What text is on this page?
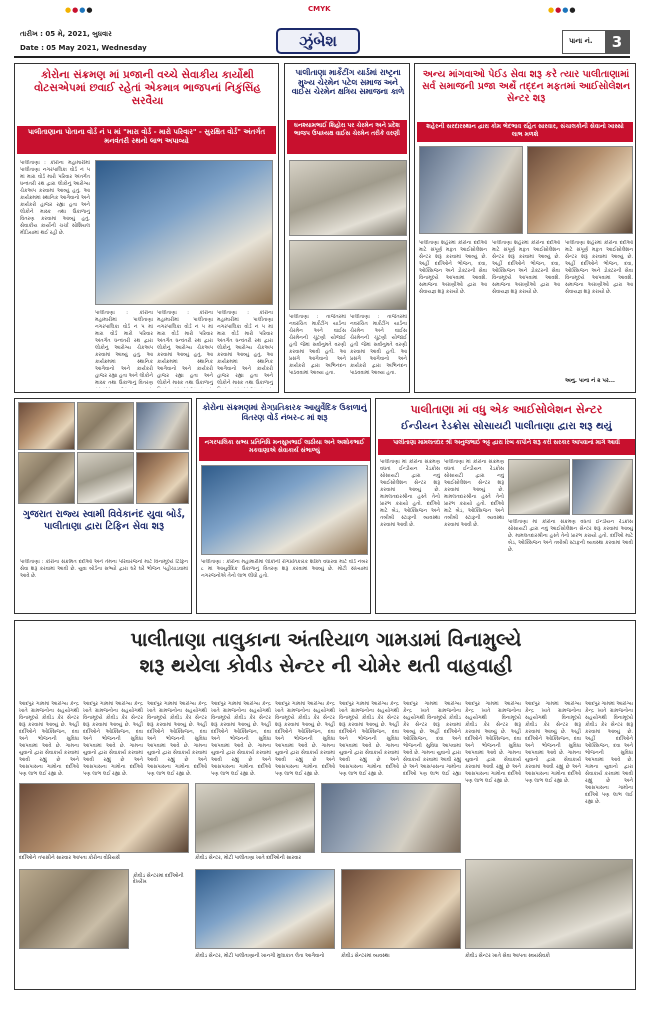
●●●●	CMYK	●●●●
તારીખ : 05 મે, 2021, બુધવાર
Date : 05 May 2021, Wednesday	ઝુંબેશ	પાના નં.	3
કોરોના સંક્રમણ માં પ્રજાની વચ્ચે સેવાકીય કાર્યોથી વોટસએપમાં છવાઈ રહેતાં એકમાત્ર ભાજપનાં નિકુંસિંહ સરવૈયા
પાલીતાણાના પોતાના વોર્ડ નં ૫ માં "મારા વોર્ડ - મારો પરિવાર" - સુરક્ષિત વોર્ડ" અંતર્ગત મનવંતરી રથનો લાભ અપાવ્યો
પાલીતાણા : કોરોના મહામારીમાં પાલીતાણા નગરપાલિકા વોર્ડ નં ૫ માં મારા વોર્ડ મારો પરિવાર અંતર્ગત ધન્વંતરી રથ દ્વારા લોકોનું આરોગ્ય ચેકઅપ કરવામાં આવ્યું હતું. આ કાર્યક્રમમાં સ્થાનિક આગેવાનો અને કાર્યકરો હાજર રહ્યા હતા અને લોકોને માસ્ક તથા ઉકાળાનું વિતરણ કરવામાં આવ્યું હતું. સેવાકીય કાર્યોની ચર્ચા સોશિયલ મીડિયામાં થઈ રહી છે.
પાલીતાણા : કોરોના મહામારીમાં પાલીતાણા નગરપાલિકા વોર્ડ નં ૫ માં મારા વોર્ડ મારો પરિવાર અંતર્ગત ધન્વંતરી રથ દ્વારા લોકોનું આરોગ્ય ચેકઅપ કરવામાં આવ્યું હતું. આ કાર્યક્રમમાં સ્થાનિક આગેવાનો અને કાર્યકરો હાજર રહ્યા હતા અને લોકોને માસ્ક તથા ઉકાળાનું વિતરણ
પાલીતાણા : કોરોના મહામારીમાં પાલીતાણા નગરપાલિકા વોર્ડ નં ૫ માં મારા વોર્ડ મારો પરિવાર અંતર્ગત ધન્વંતરી રથ દ્વારા લોકોનું આરોગ્ય ચેકઅપ કરવામાં આવ્યું હતું. આ કાર્યક્રમમાં સ્થાનિક આગેવાનો અને કાર્યકરો હાજર રહ્યા હતા અને લોકોને માસ્ક તથા ઉકાળાનું
પાલીતાણા : કોરોના મહામારીમાં પાલીતાણા નગરપાલિકા વોર્ડ નં ૫ માં મારા વોર્ડ મારો પરિવાર અંતર્ગત ધન્વંતરી રથ દ્વારા લોકોનું આરોગ્ય ચેકઅપ કરવામાં આવ્યું હતું. આ કાર્યક્રમમાં સ્થાનિક આગેવાનો અને કાર્યકરો હાજર રહ્યા હતા અને લોકોને માસ્ક તથા ઉકાળાનું
પાલીતાણા માર્કેટીંગ યાર્ડમાં રાષ્ટ્રના મુખ્ય ચેરમેન પટેલ સમાજ અને વાઈસ ચેરમેન ક્ષત્રિય સમાજના કાળે
ઘનશ્યામભાઈ શિહોરા પર ચેરમેન અને પ્રદેશ ભાજપ ઉપાધ્યક્ષ વાઈસ ચેરમેન તરીકે વરણી
પાલીતાણા : તાજેતરમાં નવરચિત માર્કેટીંગ યાર્ડના ચેરમેન અને વાઈસ ચેરમેનની ચૂંટણી યોજાઈ હતી જેમાં સર્વાનુમતે વરણી કરવામાં આવી હતી. આ પ્રસંગે આગેવાનો અને કાર્યકરો દ્વારા અભિનંદન પાઠવવામાં આવ્યા હતા.
પાલીતાણા : તાજેતરમાં નવરચિત માર્કેટીંગ યાર્ડના ચેરમેન અને વાઈસ ચેરમેનની ચૂંટણી યોજાઈ હતી જેમાં સર્વાનુમતે વરણી કરવામાં આવી હતી. આ પ્રસંગે આગેવાનો અને કાર્યકરો દ્વારા અભિનંદન પાઠવવામાં આવ્યા હતા.
અન્ય માંગવાઓ પેઈડ સેવા શરૂ કરે ત્યાર પાલીતાણામાં સર્વ સમાજની પ્રજા અર્થે તદ્દન મફતમાં આઈસોલેશન સેન્ટર શરૂ
શહેરની સરદારસ્થાન દ્વારા કોમ ભેદભાવ રહિત સારવાર, સંચાલકોની સેવાનો ખાસ્સો લાભ મળશે
પાલીતાણા શહેરમાં કોરોના દર્દીઓ માટે સંપૂર્ણ મફત આઈસોલેશન સેન્ટર શરૂ કરવામાં આવ્યું છે. અહીં દર્દીઓને ભોજન, દવા, ઓક્સિજન અને ડોક્ટરની સેવા વિનામૂલ્યે આપવામાં આવશે. સમાજના અગ્રણીઓ દ્વારા આ સેવાયજ્ઞ શરૂ કરાયો છે.
પાલીતાણા શહેરમાં કોરોના દર્દીઓ માટે સંપૂર્ણ મફત આઈસોલેશન સેન્ટર શરૂ કરવામાં આવ્યું છે. અહીં દર્દીઓને ભોજન, દવા, ઓક્સિજન અને ડોક્ટરની સેવા વિનામૂલ્યે આપવામાં આવશે. સમાજના અગ્રણીઓ દ્વારા આ સેવાયજ્ઞ શરૂ કરાયો છે.
પાલીતાણા શહેરમાં કોરોના દર્દીઓ માટે સંપૂર્ણ મફત આઈસોલેશન સેન્ટર શરૂ કરવામાં આવ્યું છે. અહીં દર્દીઓને ભોજન, દવા, ઓક્સિજન અને ડોક્ટરની સેવા વિનામૂલ્યે આપવામાં આવશે. સમાજના અગ્રણીઓ દ્વારા આ સેવાયજ્ઞ શરૂ કરાયો છે.
અનુ. પાના નં ૨ પર...
ગુજરાત રાજ્ય સ્વામી વિવેકાનંદ યુવા બોર્ડ, પાલીતાણા દ્વારા ટિફિન સેવા શરૂ
પાલીતાણા : કોરોના સંક્રમિત દર્દીઓ અને તેમના પરિવારજનો માટે વિનામૂલ્યે ટિફિન સેવા શરૂ કરવામાં આવી છે. યુવા બોર્ડના સભ્યો દ્વારા ઘરે ઘરે ભોજન પહોંચાડવામાં આવે છે.
કોરોના સંક્રમણમાં રોગપ્રતિકારક આયુર્વેદિક ઉકાળાનું વિતરણ વોર્ડ નંબર-૮ માં શરૂ
નગરપાલિકા સભ્ય પ્રતિનિધિ મનસુખભાઈ લાઠીયા અને અશોકભાઈ મકવાણાએ સેવાકાર્ય સંભાળ્યું
પાલીતાણા : કોરોના મહામારીમાં લોકોની રોગપ્રતિકારક શક્તિ વધારવા માટે વોર્ડ નંબર ૮ માં આયુર્વેદિક ઉકાળાનું વિતરણ શરૂ કરવામાં આવ્યું છે. મોટી સંખ્યામાં નગરજનોએ તેનો લાભ લીધો હતો.
પાલીતાણા માં વધુ એક આઈસોલેશન સેન્ટર
ઈન્ડીયન રેડક્રોસ સોસાયટી પાલીતાણા દ્વારા શરૂ થયું
પાલીતાણા મામલતદાર શ્રી અનુજભાઈ ભટ્ટ દ્વારા રિબ કાપીને શરૂ કરી સરકાર આપવાનાં માર્ગે આવી
પાલીતાણા માં કોરોના સંક્રમણ વધતાં ઈન્ડીયન રેડક્રોસ સોસાયટી દ્વારા નવું આઈસોલેશન સેન્ટર શરૂ કરવામાં આવ્યું છે. મામલતદારશ્રીના હસ્તે તેનો પ્રારંભ કરાયો હતો. દર્દીઓ માટે બેડ, ઓક્સિજન અને તબીબી સ્ટાફની વ્યવસ્થા કરવામાં આવી છે.
પાલીતાણા માં કોરોના સંક્રમણ વધતાં ઈન્ડીયન રેડક્રોસ સોસાયટી દ્વારા નવું આઈસોલેશન સેન્ટર શરૂ કરવામાં આવ્યું છે. મામલતદારશ્રીના હસ્તે તેનો પ્રારંભ કરાયો હતો. દર્દીઓ માટે બેડ, ઓક્સિજન અને તબીબી સ્ટાફની વ્યવસ્થા કરવામાં આવી છે.	પાલીતાણા માં કોરોના સંક્રમણ વધતાં ઈન્ડીયન રેડક્રોસ સોસાયટી દ્વારા નવું આઈસોલેશન સેન્ટર શરૂ કરવામાં આવ્યું છે. મામલતદારશ્રીના હસ્તે તેનો પ્રારંભ કરાયો હતો. દર્દીઓ માટે બેડ, ઓક્સિજન અને તબીબી સ્ટાફની વ્યવસ્થા કરવામાં આવી છે.
પાલીતાણા તાલુકાના અંતરિયાળ ગામડામાં વિનામુલ્યે
શરૂ થયેલા કોવીડ સેન્ટર ની ચોમેર થતી વાહવાહી
આદપુર ગામમાં આરોગ્ય કેન્દ્ર ખાતે ગ્રામજનોના સહયોગથી વિનામૂલ્યે કોવીડ કેર સેન્ટર શરૂ કરવામાં આવ્યું છે. અહીં દર્દીઓને ઓક્સિજન, દવા અને ભોજનની સુવિધા આપવામાં આવે છે. ગામના યુવાનો દ્વારા સેવાકાર્ય કરવામાં આવી રહ્યું છે અને આસપાસના ગામોના દર્દીઓ પણ લાભ લઈ રહ્યા છે.
આદપુર ગામમાં આરોગ્ય કેન્દ્ર ખાતે ગ્રામજનોના સહયોગથી વિનામૂલ્યે કોવીડ કેર સેન્ટર શરૂ કરવામાં આવ્યું છે. અહીં દર્દીઓને ઓક્સિજન, દવા અને ભોજનની સુવિધા આપવામાં આવે છે. ગામના યુવાનો દ્વારા સેવાકાર્ય કરવામાં આવી રહ્યું છે અને આસપાસના ગામોના દર્દીઓ પણ લાભ લઈ રહ્યા છે.
આદપુર ગામમાં આરોગ્ય કેન્દ્ર ખાતે ગ્રામજનોના સહયોગથી વિનામૂલ્યે કોવીડ કેર સેન્ટર શરૂ કરવામાં આવ્યું છે. અહીં દર્દીઓને ઓક્સિજન, દવા અને ભોજનની સુવિધા આપવામાં આવે છે. ગામના યુવાનો દ્વારા સેવાકાર્ય કરવામાં આવી રહ્યું છે અને આસપાસના ગામોના દર્દીઓ પણ લાભ લઈ રહ્યા છે.
આદપુર ગામમાં આરોગ્ય કેન્દ્ર ખાતે ગ્રામજનોના સહયોગથી વિનામૂલ્યે કોવીડ કેર સેન્ટર શરૂ કરવામાં આવ્યું છે. અહીં દર્દીઓને ઓક્સિજન, દવા અને ભોજનની સુવિધા આપવામાં આવે છે. ગામના યુવાનો દ્વારા સેવાકાર્ય કરવામાં આવી રહ્યું છે અને આસપાસના ગામોના દર્દીઓ પણ લાભ લઈ રહ્યા છે.
આદપુર ગામમાં આરોગ્ય કેન્દ્ર ખાતે ગ્રામજનોના સહયોગથી વિનામૂલ્યે કોવીડ કેર સેન્ટર શરૂ કરવામાં આવ્યું છે. અહીં દર્દીઓને ઓક્સિજન, દવા અને ભોજનની સુવિધા આપવામાં આવે છે. ગામના યુવાનો દ્વારા સેવાકાર્ય કરવામાં આવી રહ્યું છે અને આસપાસના ગામોના દર્દીઓ પણ લાભ લઈ રહ્યા છે.
આદપુર ગામમાં આરોગ્ય કેન્દ્ર ખાતે ગ્રામજનોના સહયોગથી વિનામૂલ્યે કોવીડ કેર સેન્ટર શરૂ કરવામાં આવ્યું છે. અહીં દર્દીઓને ઓક્સિજન, દવા અને ભોજનની સુવિધા આપવામાં આવે છે. ગામના યુવાનો દ્વારા સેવાકાર્ય કરવામાં આવી રહ્યું છે અને આસપાસના ગામોના દર્દીઓ પણ લાભ લઈ રહ્યા છે.
આદપુર ગામમાં આરોગ્ય કેન્દ્ર ખાતે ગ્રામજનોના સહયોગથી વિનામૂલ્યે કોવીડ કેર સેન્ટર શરૂ કરવામાં આવ્યું છે. અહીં દર્દીઓને ઓક્સિજન, દવા અને ભોજનની સુવિધા આપવામાં આવે છે. ગામના યુવાનો દ્વારા સેવાકાર્ય કરવામાં આવી રહ્યું છે અને આસપાસના ગામોના દર્દીઓ પણ લાભ લઈ રહ્યા
આદપુર ગામમાં આરોગ્ય કેન્દ્ર ખાતે ગ્રામજનોના સહયોગથી વિનામૂલ્યે કોવીડ કેર સેન્ટર શરૂ કરવામાં આવ્યું છે. અહીં દર્દીઓને ઓક્સિજન, દવા અને ભોજનની સુવિધા આપવામાં આવે છે. ગામના યુવાનો દ્વારા સેવાકાર્ય કરવામાં આવી રહ્યું છે અને આસપાસના ગામોના દર્દીઓ પણ લાભ લઈ રહ્યા છે.
આદપુર ગામમાં આરોગ્ય કેન્દ્ર ખાતે ગ્રામજનોના સહયોગથી વિનામૂલ્યે કોવીડ કેર સેન્ટર શરૂ કરવામાં આવ્યું છે. અહીં દર્દીઓને ઓક્સિજન, દવા અને ભોજનની સુવિધા આપવામાં આવે છે. ગામના યુવાનો દ્વારા સેવાકાર્ય કરવામાં આવી રહ્યું છે અને આસપાસના ગામોના દર્દીઓ પણ લાભ લઈ રહ્યા છે.
આદપુર ગામમાં આરોગ્ય કેન્દ્ર ખાતે ગ્રામજનોના સહયોગથી વિનામૂલ્યે કોવીડ કેર સેન્ટર શરૂ કરવામાં આવ્યું છે. અહીં દર્દીઓને ઓક્સિજન, દવા અને ભોજનની સુવિધા આપવામાં આવે છે. ગામના યુવાનો દ્વારા સેવાકાર્ય કરવામાં આવી રહ્યું છે અને આસપાસના ગામોના દર્દીઓ પણ લાભ લઈ રહ્યા છે.
દર્દીઓને તપાસીને સારવાર આપતા કોરોના વોરિયર્સ	કોવીડ સેન્ટર, મોટી પાલીતાણા ખાતે દર્દીઓની સારવાર
કોવીડ સેન્ટરમાં દર્દીઓની દેખરેખ
કોવીડ સેન્ટર, મોટી પાલીતાણાની ખાનગી મુલાકાત લેતા આગેવાનો	કોવીડ સેન્ટરમાં વ્યવસ્થા	કોવીડ સેન્ટર ખાતે સેવા આપતા સ્વયંસેવકો
